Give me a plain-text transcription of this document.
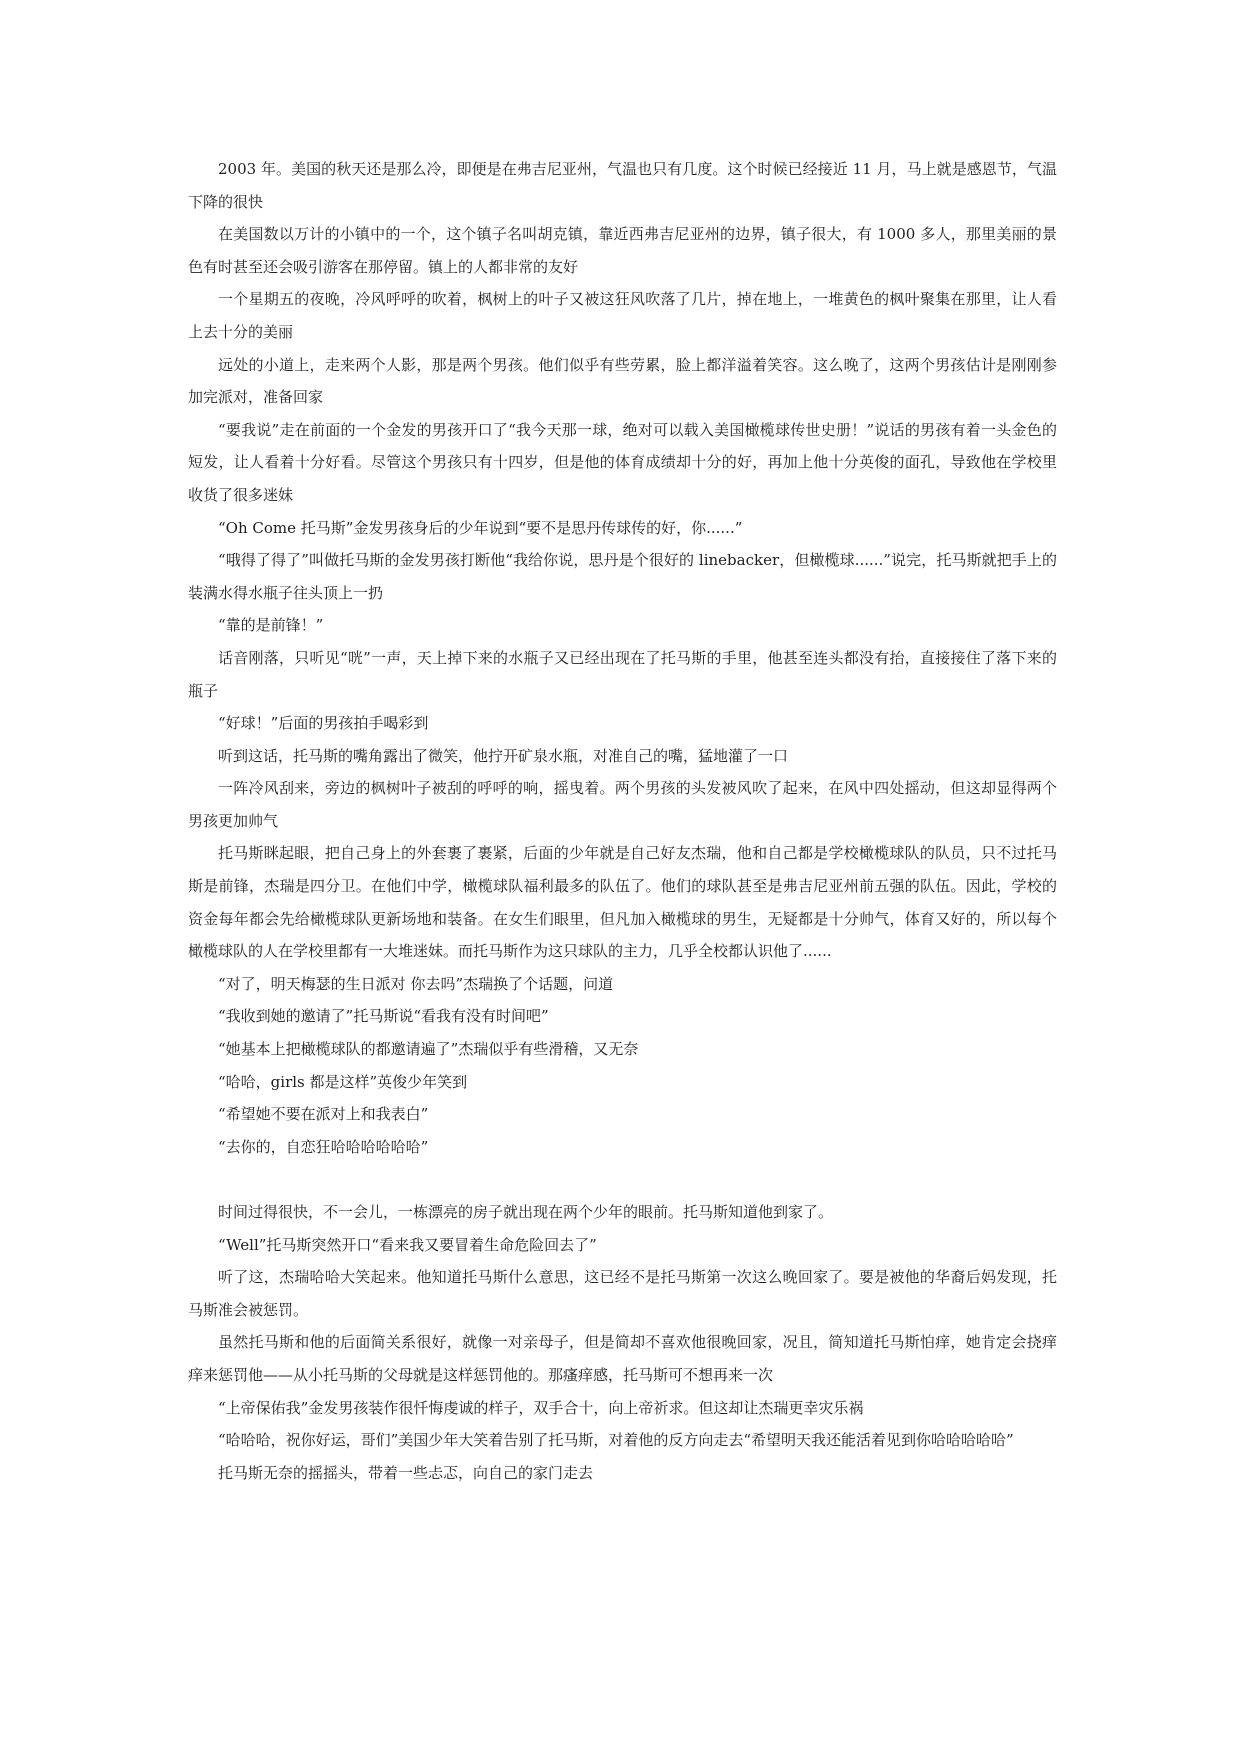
2003 年。美国的秋天还是那么冷，即便是在弗吉尼亚州，气温也只有几度。这个时候已经接近 11 月，马上就是感恩节，气温下降的很快

在美国数以万计的小镇中的一个，这个镇子名叫胡克镇，靠近西弗吉尼亚州的边界，镇子很大，有 1000 多人，那里美丽的景色有时甚至还会吸引游客在那停留。镇上的人都非常的友好

一个星期五的夜晚，冷风呼呼的吹着，枫树上的叶子又被这狂风吹落了几片，掉在地上，一堆黄色的枫叶聚集在那里，让人看上去十分的美丽

远处的小道上，走来两个人影，那是两个男孩。他们似乎有些劳累，脸上都洋溢着笑容。这么晚了，这两个男孩估计是刚刚参加完派对，准备回家

“要我说”走在前面的一个金发的男孩开口了“我今天那一球，绝对可以载入美国橄榄球传世史册！”说话的男孩有着一头金色的短发，让人看着十分好看。尽管这个男孩只有十四岁，但是他的体育成绩却十分的好，再加上他十分英俊的面孔，导致他在学校里收货了很多迷妹

“Oh Come 托马斯”金发男孩身后的少年说到“要不是思丹传球传的好，你......”

“哦得了得了”叫做托马斯的金发男孩打断他“我给你说，思丹是个很好的 linebacker，但橄榄球......”说完，托马斯就把手上的装满水得水瓶子往头顶上一扔

“靠的是前锋！”

话音刚落，只听见“咣”一声，天上掉下来的水瓶子又已经出现在了托马斯的手里，他甚至连头都没有抬，直接接住了落下来的瓶子

“好球！”后面的男孩拍手喝彩到

听到这话，托马斯的嘴角露出了微笑，他拧开矿泉水瓶，对准自己的嘴，猛地灌了一口

一阵冷风刮来，旁边的枫树叶子被刮的呼呼的响，摇曳着。两个男孩的头发被风吹了起来，在风中四处摇动，但这却显得两个男孩更加帅气

托马斯眯起眼，把自己身上的外套裹了裹紧，后面的少年就是自己好友杰瑞，他和自己都是学校橄榄球队的队员，只不过托马斯是前锋，杰瑞是四分卫。在他们中学，橄榄球队福利最多的队伍了。他们的球队甚至是弗吉尼亚州前五强的队伍。因此，学校的资金每年都会先给橄榄球队更新场地和装备。在女生们眼里，但凡加入橄榄球的男生，无疑都是十分帅气，体育又好的，所以每个橄榄球队的人在学校里都有一大堆迷妹。而托马斯作为这只球队的主力，几乎全校都认识他了......

“对了，明天梅瑟的生日派对 你去吗”杰瑞换了个话题，问道

“我收到她的邀请了”托马斯说“看我有没有时间吧”

“她基本上把橄榄球队的都邀请遍了”杰瑞似乎有些滑稽，又无奈

“哈哈，girls 都是这样”英俊少年笑到

“希望她不要在派对上和我表白”

“去你的，自恋狂哈哈哈哈哈哈”

时间过得很快，不一会儿，一栋漂亮的房子就出现在两个少年的眼前。托马斯知道他到家了。

“Well”托马斯突然开口“看来我又要冒着生命危险回去了”

听了这，杰瑞哈哈大笑起来。他知道托马斯什么意思，这已经不是托马斯第一次这么晚回家了。要是被他的华裔后妈发现，托马斯准会被惩罚。

虽然托马斯和他的后面简关系很好，就像一对亲母子，但是简却不喜欢他很晚回家，况且，简知道托马斯怕痒，她肯定会挠痒痒来惩罚他——从小托马斯的父母就是这样惩罚他的。那瘙痒感，托马斯可不想再来一次

“上帝保佑我”金发男孩装作很忏悔虔诚的样子，双手合十，向上帝祈求。但这却让杰瑞更幸灾乐祸

“哈哈哈，祝你好运，哥们”美国少年大笑着告别了托马斯，对着他的反方向走去“希望明天我还能活着见到你哈哈哈哈哈”

托马斯无奈的摇摇头，带着一些忐忑，向自己的家门走去
